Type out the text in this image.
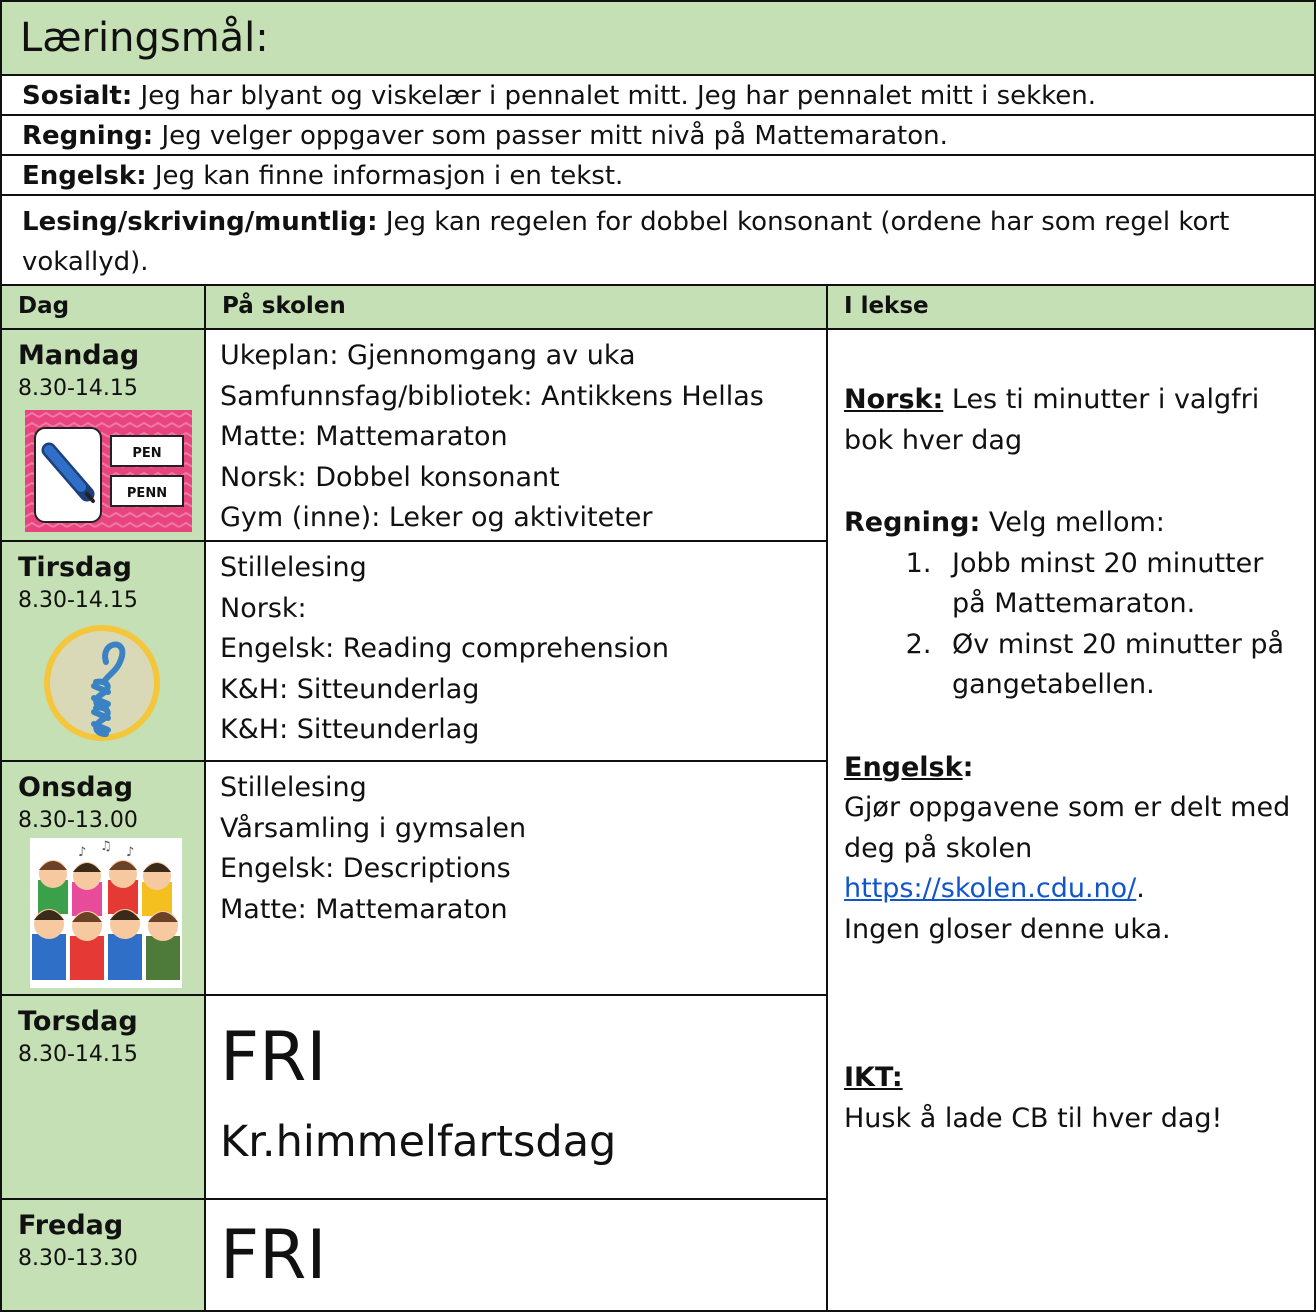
Læringsmål:
Sosialt: Jeg har blyant og viskelær i pennalet mitt. Jeg har pennalet mitt i sekken.
Regning: Jeg velger oppgaver som passer mitt nivå på Mattemaraton.
Engelsk: Jeg kan finne informasjon i en tekst.
Lesing/skriving/muntlig: Jeg kan regelen for dobbel konsonant (ordene har som regel kort vokallyd).
Dag	På skolen	I lekse
Mandag
8.30-14.15
Tirsdag
8.30-14.15
Onsdag
8.30-13.00
Torsdag
8.30-14.15
Fredag
8.30-13.30
PEN
PENN
♪ ♫ ♪
Ukeplan: Gjennomgang av uka
Samfunnsfag/bibliotek: Antikkens Hellas
Matte: Mattemaraton
Norsk: Dobbel konsonant
Gym (inne): Leker og aktiviteter
Stillelesing
Norsk:
Engelsk: Reading comprehension
K&H: Sitteunderlag
K&H: Sitteunderlag
Stillelesing
Vårsamling i gymsalen
Engelsk: Descriptions
Matte: Mattemaraton
FRI
Kr.himmelfartsdag
FRI
Norsk: Les ti minutter i valgfri bok hver dag
Regning: Velg mellom:
1. Jobb minst 20 minutter på Mattemaraton.
2. Øv minst 20 minutter på gangetabellen.
Engelsk:
Gjør oppgavene som er delt med deg på skolen
https://skolen.cdu.no/.
Ingen gloser denne uka.
IKT:
Husk å lade CB til hver dag!
